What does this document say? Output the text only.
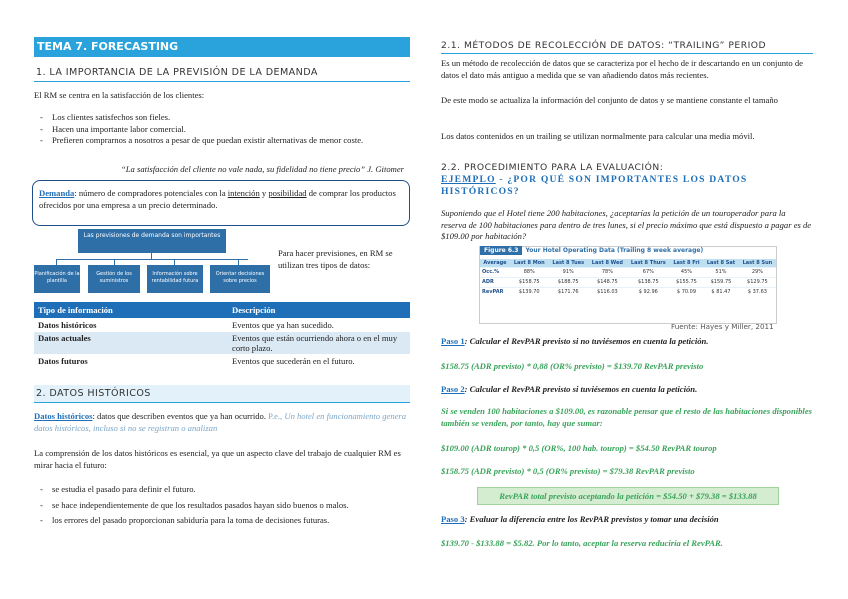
TEMA 7. FORECASTING
1. LA IMPORTANCIA DE LA PREVISIÓN DE LA DEMANDA
El RM se centra en la satisfacción de los clientes:
- Los clientes satisfechos son fieles.
- Hacen una importante labor comercial.
- Prefieren comprarnos a nosotros a pesar de que puedan existir alternativas de menor coste.
“La satisfacción del cliente no vale nada, su fidelidad no tiene precio” J. Gitomer
Demanda: número de compradores potenciales con la intención y posibilidad de comprar los productos ofrecidos por una empresa a un precio determinado.
Las previsiones de demanda son importantes
Planificación de la plantilla
Gestión de los suministros
Información sobre rentabilidad futura
Orientar decisiones sobre precios
Para hacer previsiones, en RM se utilizan tres tipos de datos:
Tipo de información	Descripción
Datos históricos	Eventos que ya han sucedido.
Datos actuales	Eventos que están ocurriendo ahora o en el muy corto plazo.
Datos futuros	Eventos que sucederán en el futuro.
2. DATOS HISTÓRICOS
Datos históricos: datos que describen eventos que ya han ocurrido. P.e., Un hotel en funcionamiento genera datos históricos, incluso si no se registran o analizan
La comprensión de los datos históricos es esencial, ya que un aspecto clave del trabajo de cualquier RM es mirar hacia el futuro:
- se estudia el pasado para definir el futuro.
- se hace independientemente de que los resultados pasados hayan sido buenos o malos.
- los errores del pasado proporcionan sabiduría para la toma de decisiones futuras.
2.1. MÉTODOS DE RECOLECCIÓN DE DATOS: “TRAILING” PERIOD
Es un método de recolección de datos que se caracteriza por el hecho de ir descartando en un conjunto de datos el dato más antiguo a medida que se van añadiendo datos más recientes.
De este modo se actualiza la información del conjunto de datos y se mantiene constante el tamaño
Los datos contenidos en un trailing se utilizan normalmente para calcular una media móvil.
2.2. PROCEDIMIENTO PARA LA EVALUACIÓN:
EJEMPLO - ¿POR QUÉ SON IMPORTANTES LOS DATOS HISTÓRICOS?
Suponiendo que el Hotel tiene 200 habitaciones, ¿aceptarías la petición de un touroperador para la reserva de 100 habitaciones para dentro de tres lunes, si el precio máximo que está dispuesto a pagar es de $109.00 por habitación?
Figure 6.3 Your Hotel Operating Data (Trailing 8 week average)
Average	Last 8 Mon	Last 8 Tues	Last 8 Wed	Last 8 Thurs	Last 8 Fri	Last 8 Sat	Last 8 Sun
Occ.%	88%	91%	78%	67%	45%	51%	29%
ADR	$158.75	$188.75	$148.75	$138.75	$155.75	$159.75	$129.75
RevPAR	$139.70	$171.76	$116.03	$ 92.96	$ 70.09	$ 81.47	$ 37.63
Fuente: Hayes y Miller, 2011
Paso 1: Calcular el RevPAR previsto si no tuviésemos en cuenta la petición.
$158.75 (ADR previsto) * 0,88 (OR% previsto) = $139.70 RevPAR previsto
Paso 2: Calcular el RevPAR previsto si tuviésemos en cuenta la petición.
Si se venden 100 habitaciones a $109.00, es razonable pensar que el resto de las habitaciones disponibles también se venden, por tanto, hay que sumar:
$109.00 (ADR tourop) * 0,5 (OR%, 100 hab. tourop) = $54.50 RevPAR tourop
$158.75 (ADR previsto) * 0,5 (OR% previsto) = $79.38 RevPAR previsto
RevPAR total previsto aceptando la petición = $54.50 + $79.38 = $133.88
Paso 3: Evaluar la diferencia entre los RevPAR previstos y tomar una decisión
$139.70 - $133.88 = $5.82. Por lo tanto, aceptar la reserva reduciría el RevPAR.
